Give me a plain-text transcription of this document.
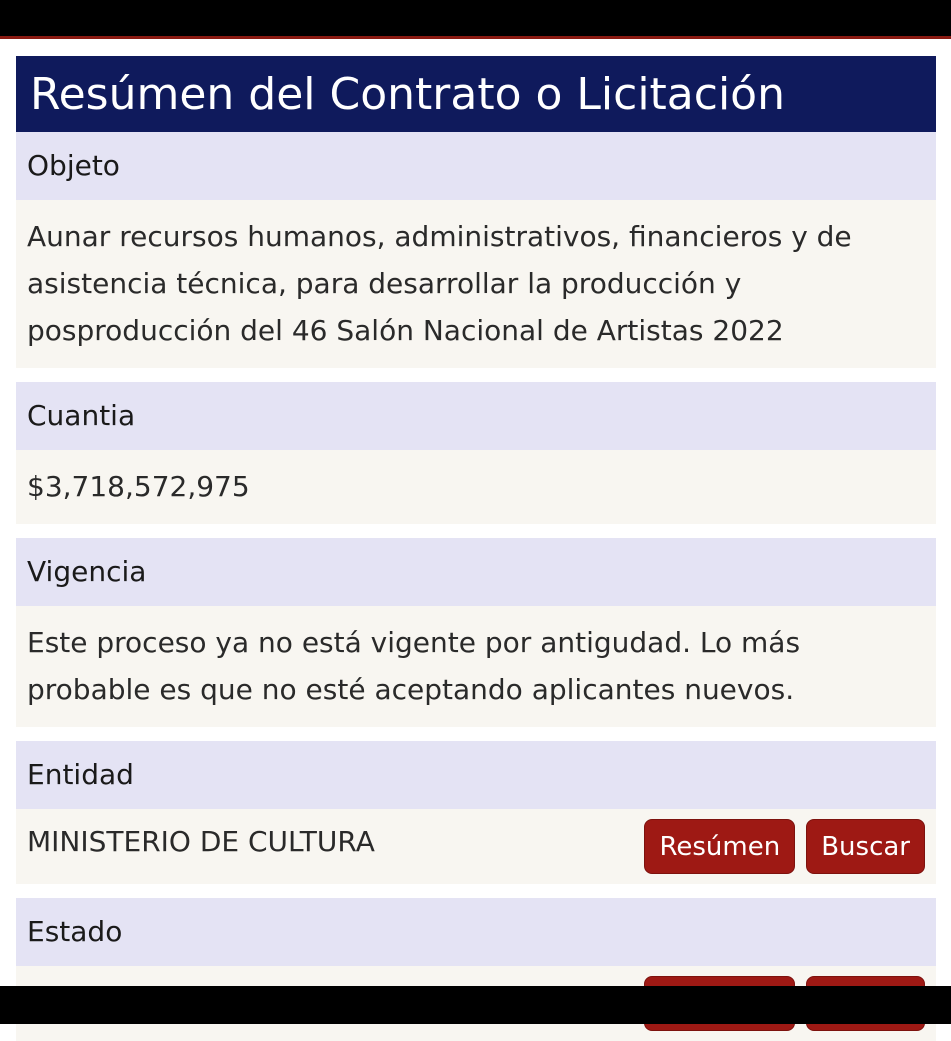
Resúmen del Contrato o Licitación
Objeto
Aunar recursos humanos, administrativos, financieros y de asistencia técnica, para desarrollar la producción y posproducción del 46 Salón Nacional de Artistas 2022
Cuantia
$3,718,572,975
Vigencia
Este proceso ya no está vigente por antigudad. Lo más probable es que no esté aceptando aplicantes nuevos.
Entidad
MINISTERIO DE CULTURA	Resúmen	Buscar
Estado
